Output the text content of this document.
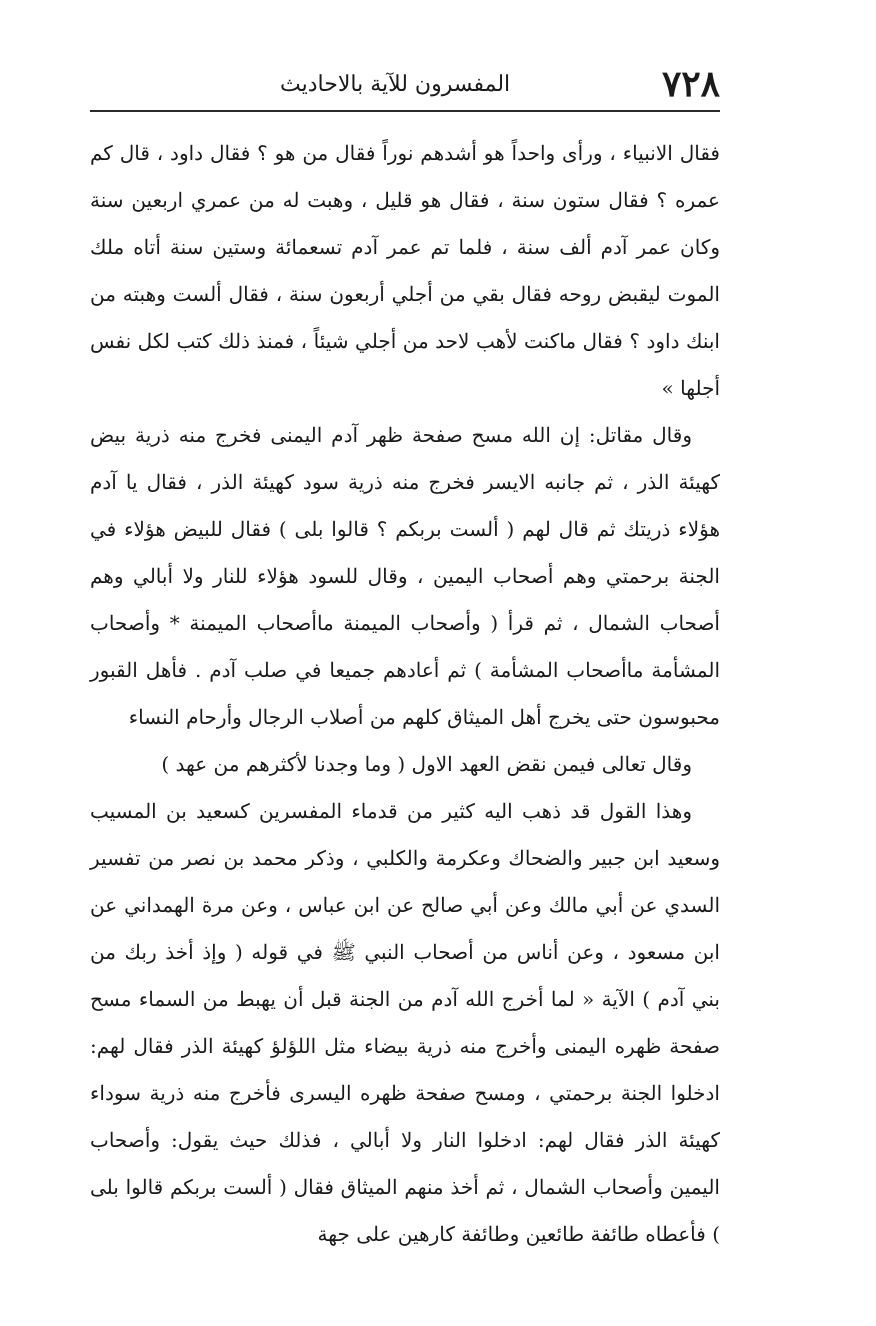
المفسرون للآية بالاحاديث	٧٢٨

فقال الانبياء ، ورأى واحداً هو أشدهم نوراً فقال من هو ؟ فقال داود ، قال كم عمره ؟ فقال ستون سنة ، فقال هو قليل ، وهبت له من عمري اربعين سنة وكان عمر آدم ألف سنة ، فلما تم عمر آدم تسعمائة وستين سنة أتاه ملك الموت ليقبض روحه فقال بقي من أجلي أربعون سنة ، فقال ألست وهبته من ابنك داود ؟ فقال ماكنت لأهب لاحد من أجلي شيئاً ، فمنذ ذلك كتب لكل نفس أجلها »

وقال مقاتل: إن الله مسح صفحة ظهر آدم اليمنى فخرج منه ذرية بيض كهيئة الذر ، ثم جانبه الايسر فخرج منه ذرية سود كهيئة الذر ، فقال يا آدم هؤلاء ذريتك ثم قال لهم ( ألست بربكم ؟ قالوا بلى ) فقال للبيض هؤلاء في الجنة برحمتي وهم أصحاب اليمين ، وقال للسود هؤلاء للنار ولا أبالي وهم أصحاب الشمال ، ثم قرأ ( وأصحاب الميمنة ماأصحاب الميمنة * وأصحاب المشأمة ماأصحاب المشأمة ) ثم أعادهم جميعا في صلب آدم . فأهل القبور محبوسون حتى يخرج أهل الميثاق كلهم من أصلاب الرجال وأرحام النساء

وقال تعالى فيمن نقض العهد الاول ( وما وجدنا لأكثرهم من عهد )

وهذا القول قد ذهب اليه كثير من قدماء المفسرين كسعيد بن المسيب وسعيد ابن جبير والضحاك وعكرمة والكلبي ، وذكر محمد بن نصر من تفسير السدي عن أبي مالك وعن أبي صالح عن ابن عباس ، وعن مرة الهمداني عن ابن مسعود ، وعن أناس من أصحاب النبي ﷺ في قوله ( وإذ أخذ ربك من بني آدم ) الآية « لما أخرج الله آدم من الجنة قبل أن يهبط من السماء مسح صفحة ظهره اليمنى وأخرج منه ذرية بيضاء مثل اللؤلؤ كهيئة الذر فقال لهم: ادخلوا الجنة برحمتي ، ومسح صفحة ظهره اليسرى فأخرج منه ذرية سوداء كهيئة الذر فقال لهم: ادخلوا النار ولا أبالي ، فذلك حيث يقول: وأصحاب اليمين وأصحاب الشمال ، ثم أخذ منهم الميثاق فقال ( ألست بربكم قالوا بلى ) فأعطاه طائفة طائعين وطائفة كارهين على جهة
